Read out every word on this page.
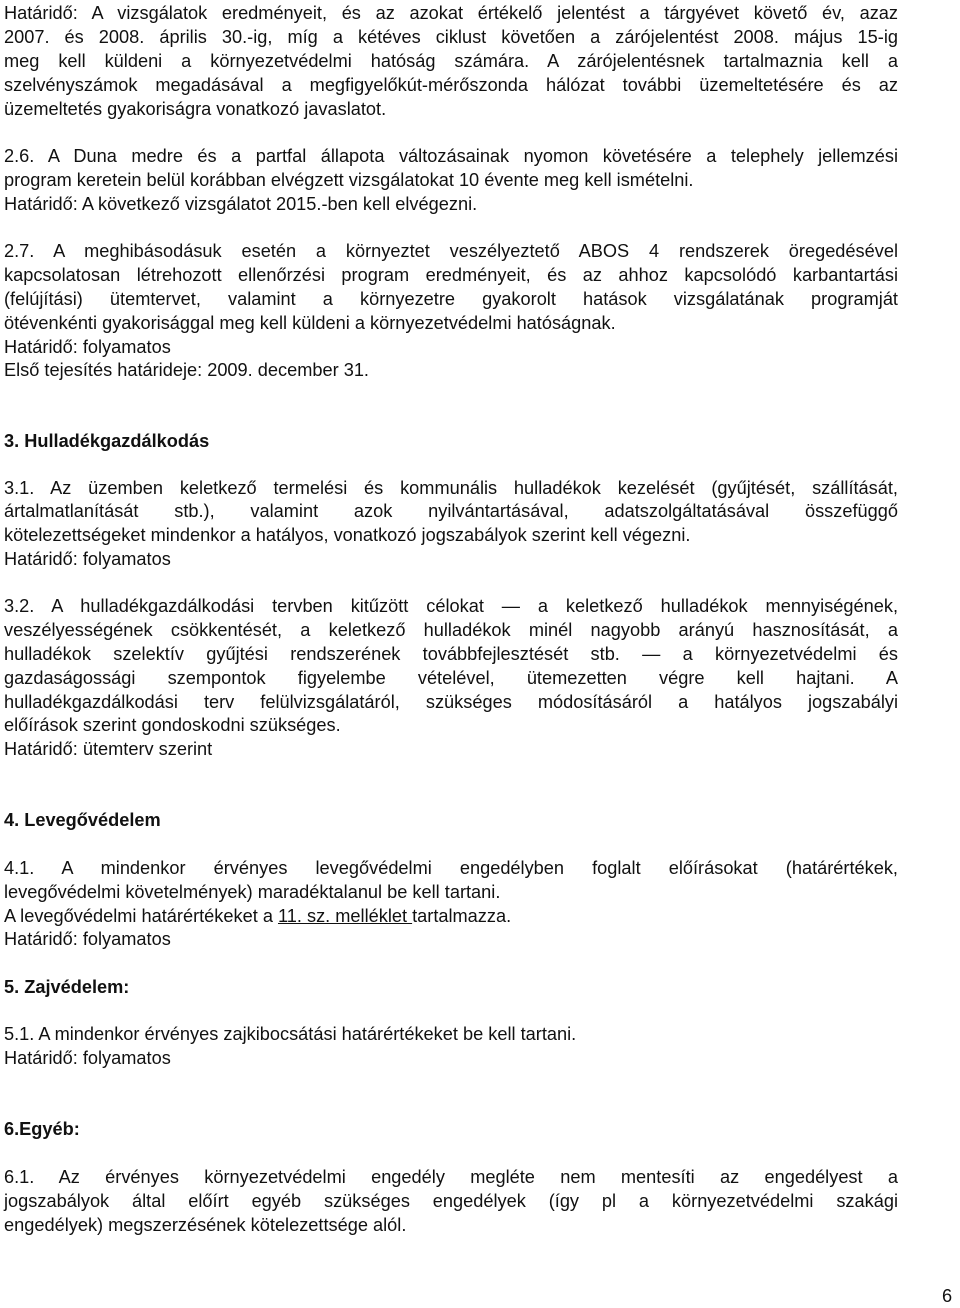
Határidő: A vizsgálatok eredményeit, és az azokat értékelő jelentést a tárgyévet követő év, azaz
2007. és 2008. április 30.-ig, míg a kétéves ciklust követően a zárójelentést 2008. május 15-ig
meg kell küldeni a környezetvédelmi hatóság számára. A zárójelentésnek tartalmaznia kell a
szelvényszámok megadásával a megfigyelőkút-mérőszonda hálózat további üzemeltetésére és az
üzemeltetés gyakoriságra vonatkozó javaslatot.
2.6. A Duna medre és a partfal állapota változásainak nyomon követésére a telephely jellemzési
program keretein belül korábban elvégzett vizsgálatokat 10 évente meg kell ismételni.
Határidő: A következő vizsgálatot 2015.-ben kell elvégezni.
2.7. A meghibásodásuk esetén a környeztet veszélyeztető ABOS 4 rendszerek öregedésével
kapcsolatosan létrehozott ellenőrzési program eredményeit, és az ahhoz kapcsolódó karbantartási
(felújítási) ütemtervet, valamint a környezetre gyakorolt hatások vizsgálatának programját
ötévenkénti gyakorisággal meg kell küldeni a környezetvédelmi hatóságnak.
Határidő: folyamatos
Első tejesítés határideje: 2009. december 31.
3. Hulladékgazdálkodás
3.1. Az üzemben keletkező termelési és kommunális hulladékok kezelését (gyűjtését, szállítását,
ártalmatlanítását stb.), valamint azok nyilvántartásával, adatszolgáltatásával összefüggő
kötelezettségeket mindenkor a hatályos, vonatkozó jogszabályok szerint kell végezni.
Határidő: folyamatos
3.2. A hulladékgazdálkodási tervben kitűzött célokat — a keletkező hulladékok mennyiségének,
veszélyességének csökkentését, a keletkező hulladékok minél nagyobb arányú hasznosítását, a
hulladékok szelektív gyűjtési rendszerének továbbfejlesztését stb. — a környezetvédelmi és
gazdaságossági szempontok figyelembe vételével, ütemezetten végre kell hajtani. A
hulladékgazdálkodási terv felülvizsgálatáról, szükséges módosításáról a hatályos jogszabályi
előírások szerint gondoskodni szükséges.
Határidő: ütemterv szerint
4. Levegővédelem
4.1. A mindenkor érvényes levegővédelmi engedélyben foglalt előírásokat (határértékek,
levegővédelmi követelmények) maradéktalanul be kell tartani.
A levegővédelmi határértékeket a 11. sz. melléklet tartalmazza.
Határidő: folyamatos
5. Zajvédelem:
5.1. A mindenkor érvényes zajkibocsátási határértékeket be kell tartani.
Határidő: folyamatos
6.Egyéb:
6.1. Az érvényes környezetvédelmi engedély megléte nem mentesíti az engedélyest a
jogszabályok által előírt egyéb szükséges engedélyek (így pl a környezetvédelmi szakági
engedélyek) megszerzésének kötelezettsége alól.
6
